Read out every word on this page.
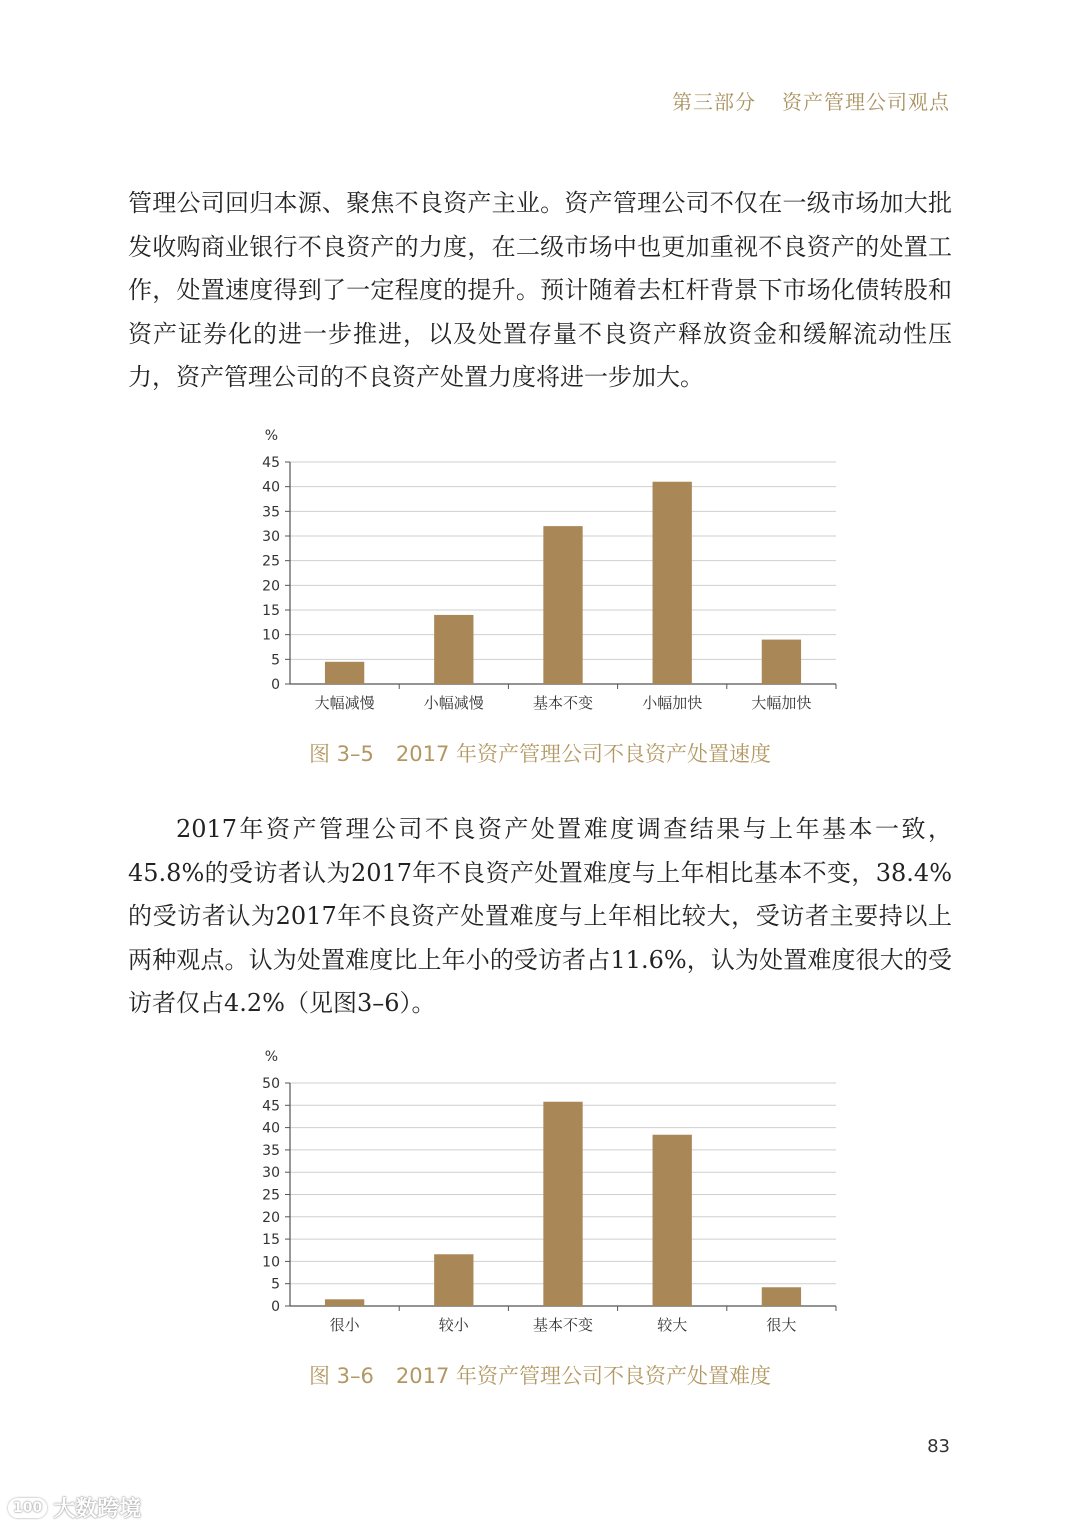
第三部分 资产管理公司观点

管理公司回归本源、聚焦不良资产主业。资产管理公司不仅在一级市场加大批发收购商业银行不良资产的力度，在二级市场中也更加重视不良资产的处置工作，处置速度得到了一定程度的提升。预计随着去杠杆背景下市场化债转股和资产证券化的进一步推进，以及处置存量不良资产释放资金和缓解流动性压力，资产管理公司的不良资产处置力度将进一步加大。

%
0
5
10
15
20
25
30
35
40
45
大幅减慢	小幅减慢	基本不变	小幅加快	大幅加快
图 3–5 2017 年资产管理公司不良资产处置速度

2017年资产管理公司不良资产处置难度调查结果与上年基本一致，45.8%的受访者认为2017年不良资产处置难度与上年相比基本不变，38.4%的受访者认为2017年不良资产处置难度与上年相比较大，受访者主要持以上两种观点。认为处置难度比上年小的受访者占11.6%，认为处置难度很大的受访者仅占4.2%（见图3–6）。

%
0
5
10
15
20
25
30
35
40
45
50
很小	较小	基本不变	较大	很大
图 3–6 2017 年资产管理公司不良资产处置难度
83
100 大数跨境
